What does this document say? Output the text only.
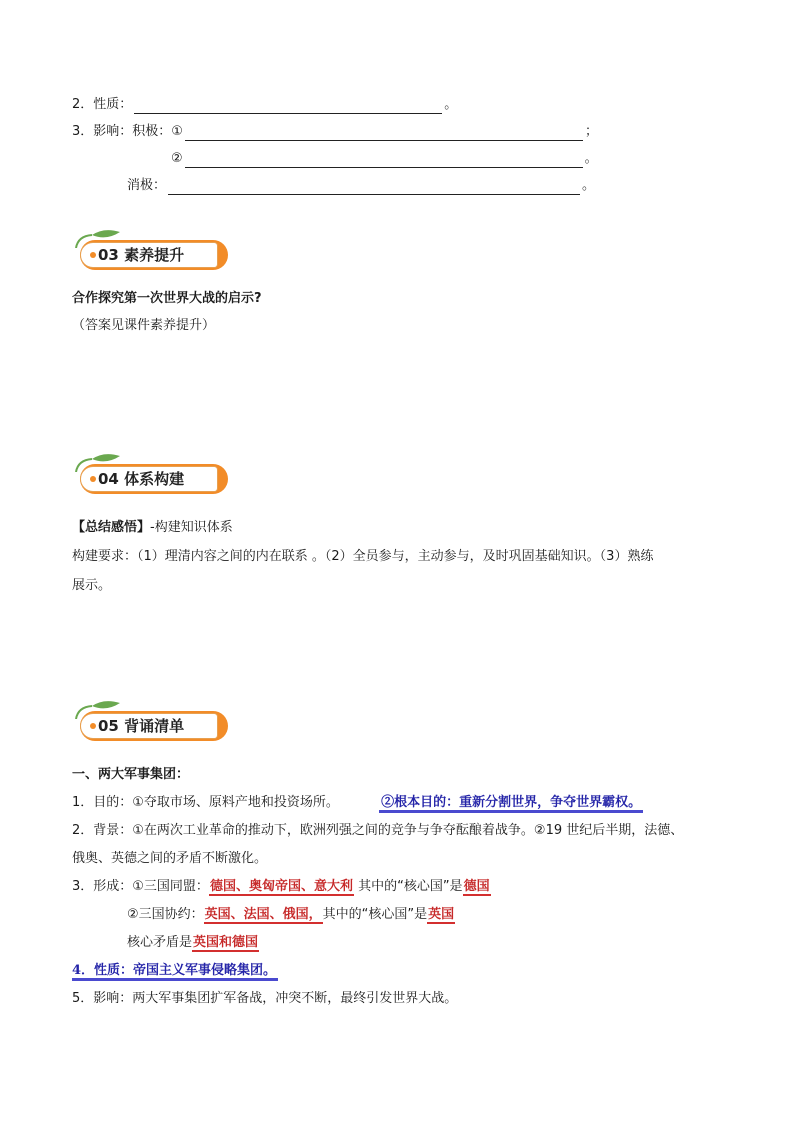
2．性质：	。
3．影响：积极：①	；
②	。
消极：	。
03 素养提升
合作探究第一次世界大战的启示?
（答案见课件素养提升）
04 体系构建
【总结感悟】-构建知识体系
构建要求：（1）理清内容之间的内在联系 。（2）全员参与，主动参与，及时巩固基础知识。（3）熟练
展示。
05 背诵清单
一、两大军事集团：
1．目的：①夺取市场、原料产地和投资场所。	②根本目的：重新分割世界，争夺世界霸权。
2．背景：①在两次工业革命的推动下，欧洲列强之间的竞争与争夺酝酿着战争。②19 世纪后半期，法德、
俄奥、英德之间的矛盾不断激化。
3．形成：①三国同盟：德国、奥匈帝国、意大利 其中的“核心国”是德国
②三国协约：英国、法国、俄国，其中的“核心国”是英国
核心矛盾是英国和德国
4．性质：帝国主义军事侵略集团。
5．影响：两大军事集团扩军备战，冲突不断，最终引发世界大战。
